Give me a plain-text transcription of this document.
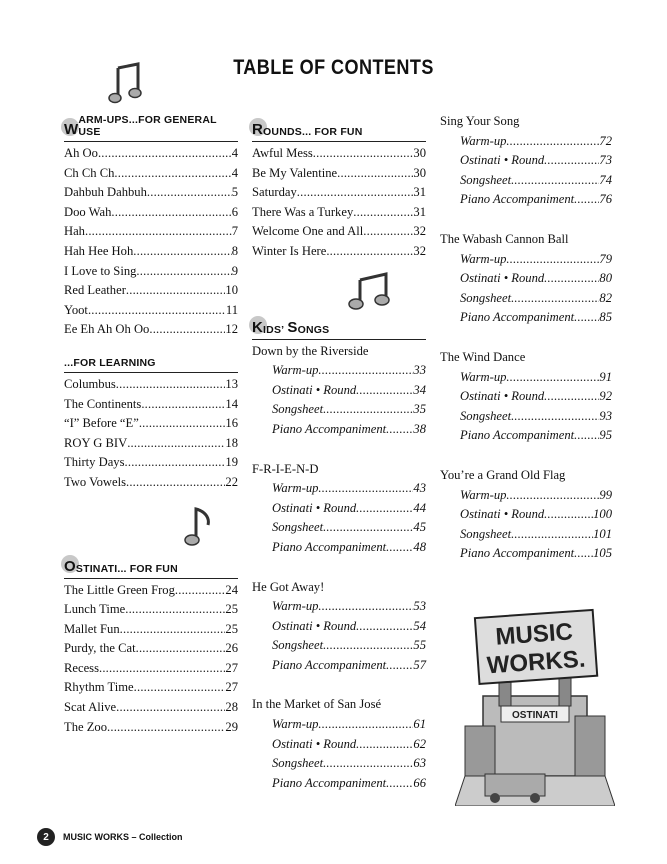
TABLE OF CONTENTS
W
ARM-UPS...FOR GENERAL USE
Ah Oo .....	4
Ch Ch Ch .....	4
Dahbuh Dahbuh .....	5
Doo Wah .....	6
Hah .....	7
Hah Hee Hoh .....	8
I Love to Sing .....	9
Red Leather .....	10
Yoot .....	11
Ee Eh Ah Oh Oo .....	12
...FOR LEARNING
Columbus .....	13
The Continents .....	14
“I” Before “E” .....	16
ROY G BIV .....	18
Thirty Days .....	19
Two Vowels .....	22
O STINATI... FOR FUN
The Little Green Frog .....	24
Lunch Time .....	25
Mallet Fun .....	25
Purdy, the Cat .....	26
Recess .....	27
Rhythm Time .....	27
Scat Alive .....	28
The Zoo .....	29
R OUNDS... FOR FUN
Awful Mess .....	30
Be My Valentine .....	30
Saturday .....	31
There Was a Turkey .....	31
Welcome One and All .....	32
Winter Is Here .....	32
K IDS’
S ONGS
Down by the Riverside
Warm-up .....	33
Ostinati • Round .....	34
Songsheet .....	35
Piano Accompaniment ..... 38
F-R-I-E-N-D
Warm-up .....	43
Ostinati • Round .....	44
Songsheet .....	45
Piano Accompaniment ..... 48
He Got Away!
Warm-up .....	53
Ostinati • Round .....	54
Songsheet .....	55
Piano Accompaniment ..... 57
In the Market of San José
Warm-up .....	61
Ostinati • Round .....	62
Songsheet .....	63
Piano Accompaniment ..... 66
Sing Your Song
Warm-up .....	72
Ostinati • Round .....	73
Songsheet .....	74
Piano Accompaniment ..... 76
The Wabash Cannon Ball
Warm-up .....	79
Ostinati • Round .....	80
Songsheet .....	82
Piano Accompaniment ..... 85
The Wind Dance
Warm-up .....	91
Ostinati • Round .....	92
Songsheet .....	93
Piano Accompaniment ..... 95
You’re a Grand Old Flag
Warm-up .....	99
Ostinati • Round .....	100
Songsheet .....	101
Piano Accompaniment ..... 105
MUSIC
WORKS.
OSTINATI
2	MUSIC WORKS – Collection
